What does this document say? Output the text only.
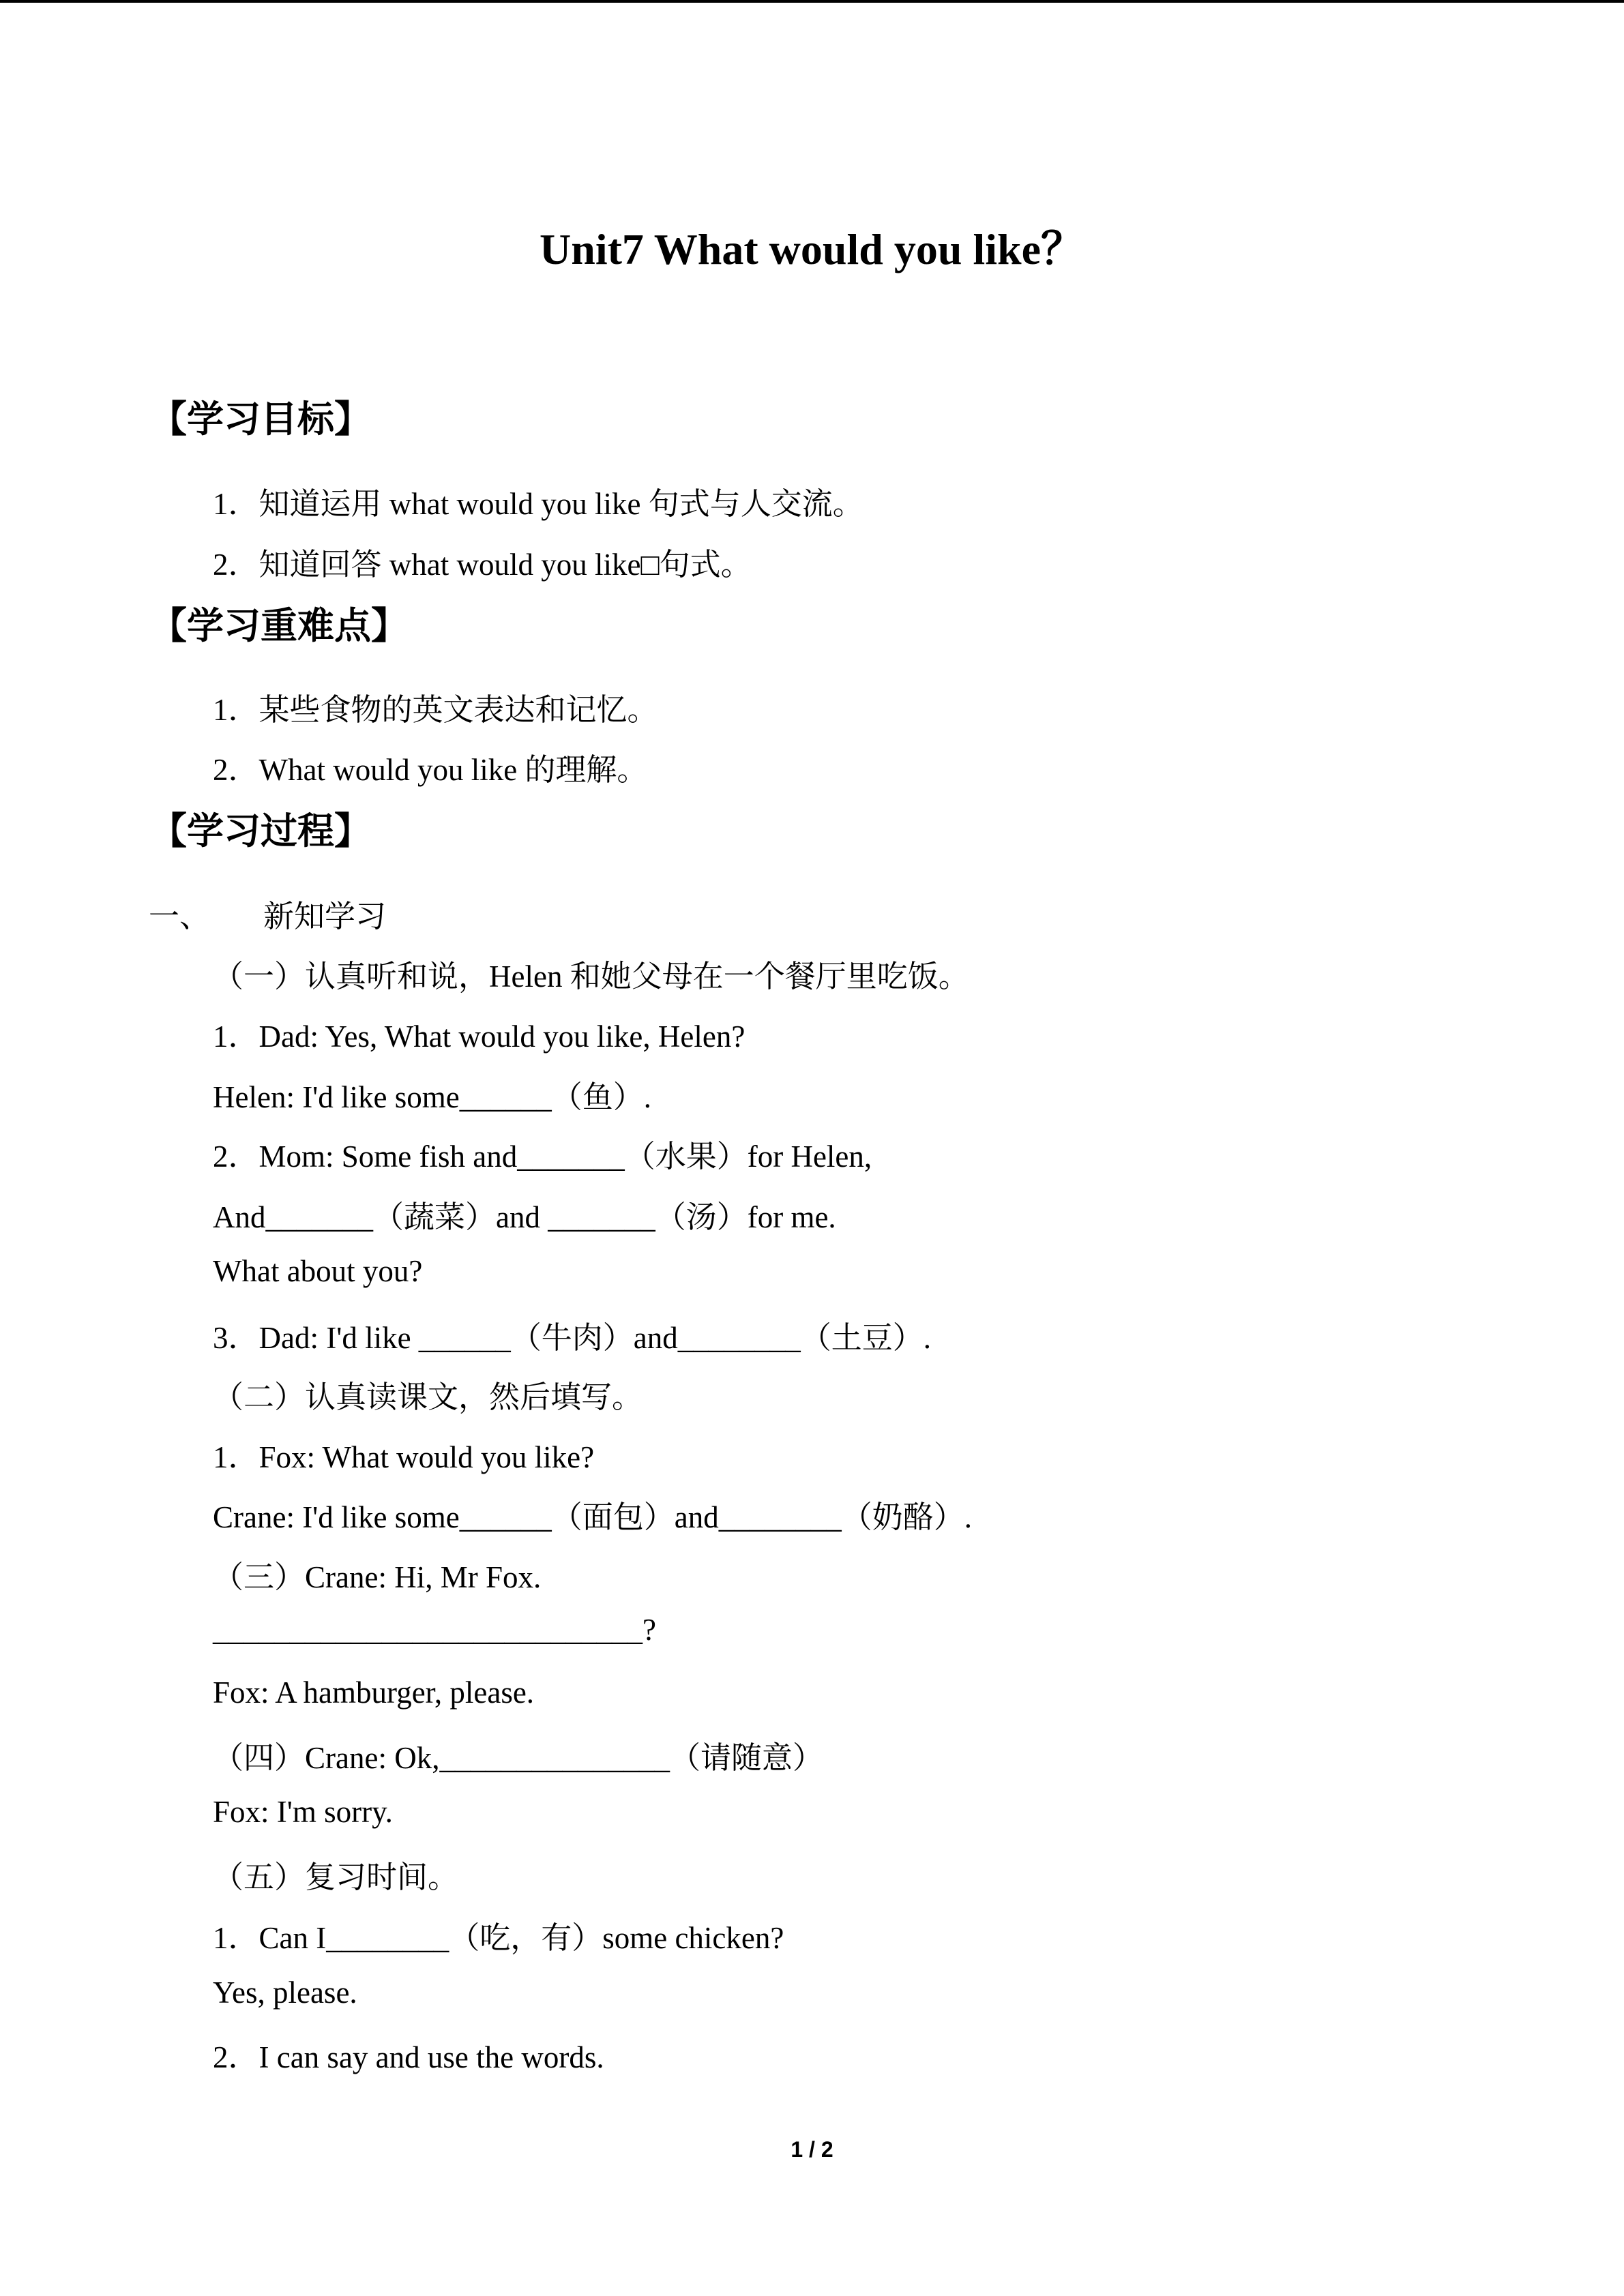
Unit7 What would you like？
【学习目标】
1．知道运用 what would you like 句式与人交流。
2．知道回答 what would you like□句式。
【学习重难点】
1．某些食物的英文表达和记忆。
2．What would you like 的理解。
【学习过程】
一、 新知学习
（一）认真听和说，Helen 和她父母在一个餐厅里吃饭。
1．Dad: Yes, What would you like, Helen?
Helen: I'd like some______（鱼）.
2．Mom: Some fish and_______（水果）for Helen,
And_______（蔬菜）and _______（汤）for me.
What about you?
3．Dad: I'd like ______（牛肉）and________（土豆）.
（二）认真读课文，然后填写。
1．Fox: What would you like?
Crane: I'd like some______（面包）and________（奶酪）.
（三）Crane: Hi, Mr Fox.
____________________________?
Fox: A hamburger, please.
（四）Crane: Ok,_______________（请随意）
Fox: I'm sorry.
（五）复习时间。
1．Can I________（吃，有）some chicken?
Yes, please.
2．I can say and use the words.
1 / 2
